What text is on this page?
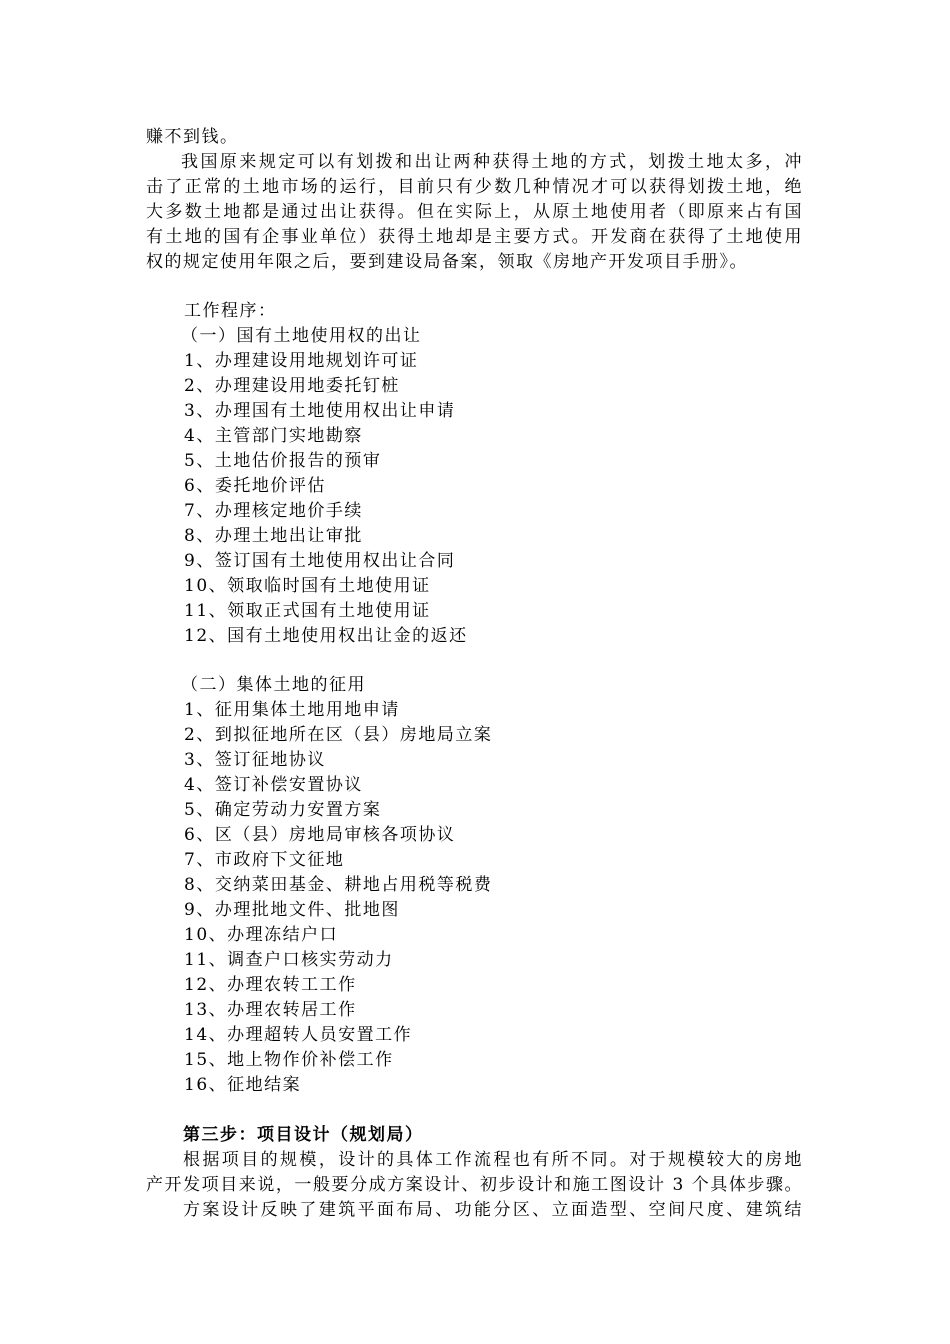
赚不到钱。
我国原来规定可以有划拨和出让两种获得土地的方式，划拨土地太多，冲
击了正常的土地市场的运行，目前只有少数几种情况才可以获得划拨土地，绝
大多数土地都是通过出让获得。但在实际上，从原土地使用者（即原来占有国
有土地的国有企事业单位）获得土地却是主要方式。开发商在获得了土地使用
权的规定使用年限之后，要到建设局备案，领取《房地产开发项目手册》。
工作程序：
（一）国有土地使用权的出让
1、办理建设用地规划许可证
2、办理建设用地委托钉桩
3、办理国有土地使用权出让申请
4、主管部门实地勘察
5、土地估价报告的预审
6、委托地价评估
7、办理核定地价手续
8、办理土地出让审批
9、签订国有土地使用权出让合同
10、领取临时国有土地使用证
11、领取正式国有土地使用证
12、国有土地使用权出让金的返还
（二）集体土地的征用
1、征用集体土地用地申请
2、到拟征地所在区（县）房地局立案
3、签订征地协议
4、签订补偿安置协议
5、确定劳动力安置方案
6、区（县）房地局审核各项协议
7、市政府下文征地
8、交纳菜田基金、耕地占用税等税费
9、办理批地文件、批地图
10、办理冻结户口
11、调查户口核实劳动力
12、办理农转工工作
13、办理农转居工作
14、办理超转人员安置工作
15、地上物作价补偿工作
16、征地结案
第三步：项目设计（规划局）
根据项目的规模，设计的具体工作流程也有所不同。对于规模较大的房地
产开发项目来说，一般要分成方案设计、初步设计和施工图设计 3 个具体步骤。
方案设计反映了建筑平面布局、功能分区、立面造型、空间尺度、建筑结
